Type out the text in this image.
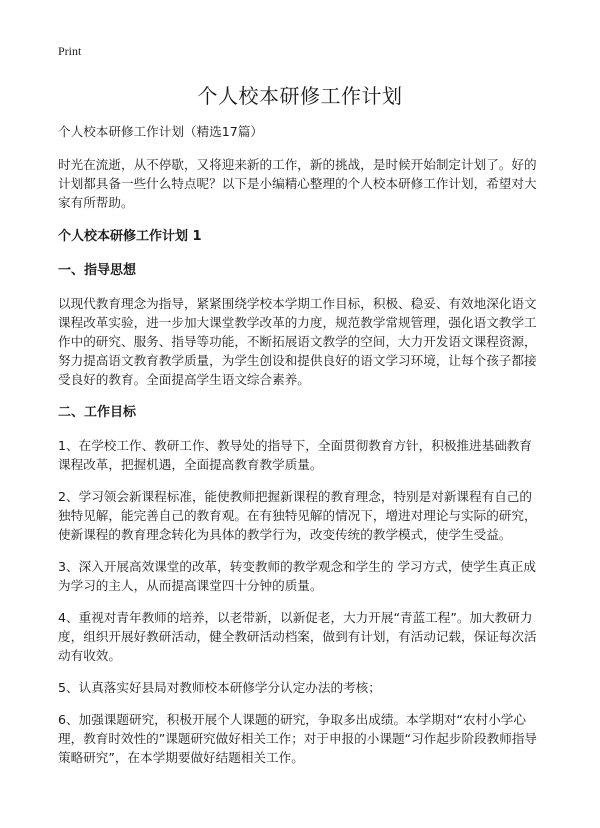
Print
个人校本研修工作计划

个人校本研修工作计划（精选17篇）

时光在流逝，从不停歇，又将迎来新的工作，新的挑战，是时候开始制定计划了。好的计划都具备一些什么特点呢？以下是小编精心整理的个人校本研修工作计划，希望对大家有所帮助。

个人校本研修工作计划 1

一、指导思想

以现代教育理念为指导，紧紧围绕学校本学期工作目标，积极、稳妥、有效地深化语文课程改革实验，进一步加大课堂教学改革的力度，规范教学常规管理，强化语文教学工作中的研究、服务、指导等功能，不断拓展语文教学的空间，大力开发语文课程资源，努力提高语文教育教学质量，为学生创设和提供良好的语文学习环境，让每个孩子都接受良好的教育。全面提高学生语文综合素养。

二、工作目标

1、在学校工作、教研工作、教导处的指导下，全面贯彻教育方针，积极推进基础教育课程改革，把握机遇，全面提高教育教学质量。

2、学习领会新课程标准，能使教师把握新课程的教育理念，特别是对新课程有自己的独特见解，能完善自己的教育观。在有独特见解的情况下，增进对理论与实际的研究，使新课程的教育理念转化为具体的教学行为，改变传统的教学模式，使学生受益。

3、深入开展高效课堂的改革，转变教师的教学观念和学生的 学习方式，使学生真正成为学习的主人，从而提高课堂四十分钟的质量。

4、重视对青年教师的培养，以老带新，以新促老，大力开展“青蓝工程”。加大教研力度，组织开展好教研活动，健全教研活动档案，做到有计划，有活动记载，保证每次活动有收效。

5、认真落实好县局对教师校本研修学分认定办法的考核；

6、加强课题研究，积极开展个人课题的研究，争取多出成绩。本学期对“农村小学心理，教育时效性的”课题研究做好相关工作；对于申报的小课题“习作起步阶段教师指导策略研究”，在本学期要做好结题相关工作。
